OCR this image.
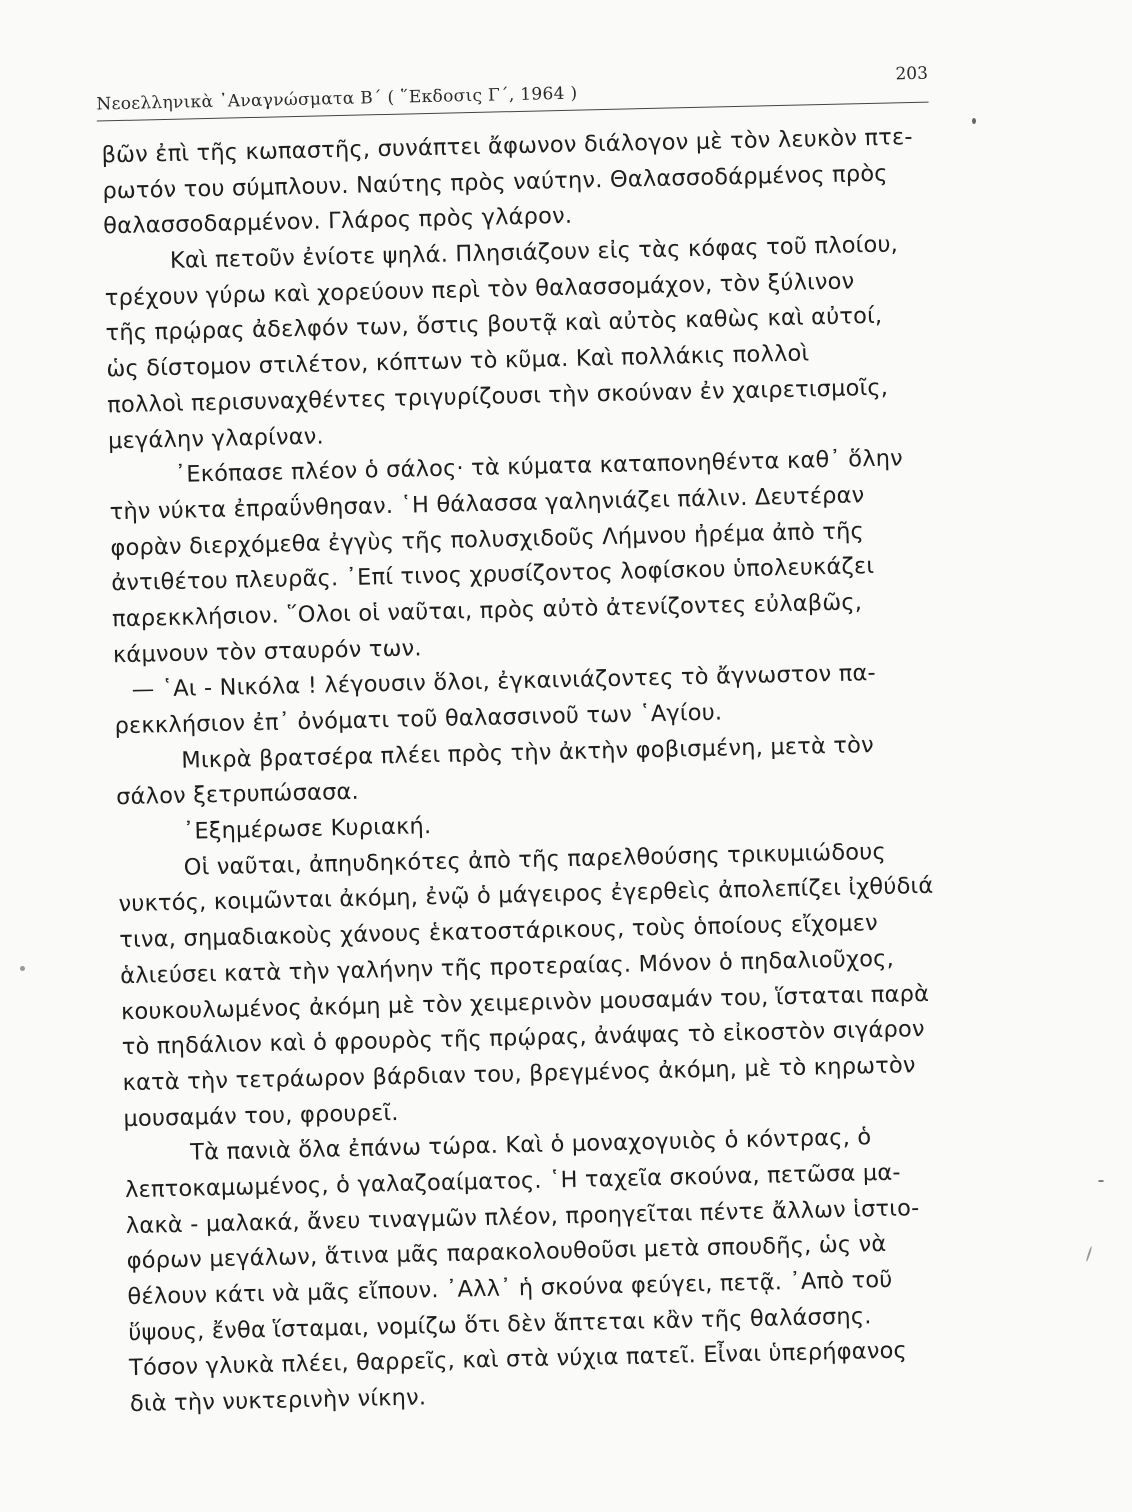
Νεοελληνικὰ ᾿Αναγνώσματα Β΄ ( ῞Εκδοσις Γ΄, 1964 )
203
βῶν ἐπὶ τῆς κωπαστῆς, συνάπτει ἄφωνον διάλογον μὲ τὸν λευκὸν πτε-
ρωτόν του σύμπλουν. Ναύτης πρὸς ναύτην. Θαλασσοδάρμένος πρὸς
θαλασσοδαρμένον. Γλάρος πρὸς γλάρον.
Καὶ πετοῦν ἐνίοτε ψηλά. Πλησιάζουν εἰς τὰς κόφας τοῦ πλοίου,
τρέχουν γύρω καὶ χορεύουν περὶ τὸν θαλασσομάχον, τὸν ξύλινον
τῆς πρῴρας ἀδελφόν των, ὅστις βουτᾷ καὶ αὐτὸς καθὼς καὶ αὐτοί,
ὡς δίστομον στιλέτον, κόπτων τὸ κῦμα. Καὶ πολλάκις πολλοὶ
πολλοὶ περισυναχθέντες τριγυρίζουσι τὴν σκούναν ἐν χαιρετισμοῖς,
μεγάλην γλαρίναν.
᾿Εκόπασε πλέον ὁ σάλος· τὰ κύματα καταπονηθέντα καθ᾿ ὅλην
τὴν νύκτα ἐπραΰνθησαν. ῾Η θάλασσα γαληνιάζει πάλιν. Δευτέραν
φορὰν διερχόμεθα ἐγγὺς τῆς πολυσχιδοῦς Λήμνου ἠρέμα ἀπὸ τῆς
ἀντιθέτου πλευρᾶς. ᾿Επί τινος χρυσίζοντος λοφίσκου ὑπολευκάζει
παρεκκλήσιον. ῞Ολοι οἱ ναῦται, πρὸς αὐτὸ ἀτενίζοντες εὐλαβῶς,
κάμνουν τὸν σταυρόν των.
— ῾Αι - Νικόλα ! λέγουσιν ὅλοι, ἐγκαινιάζοντες τὸ ἄγνωστον πα-
ρεκκλήσιον ἐπ᾿ ὀνόματι τοῦ θαλασσινοῦ των ῾Αγίου.
Μικρὰ βρατσέρα πλέει πρὸς τὴν ἀκτὴν φοβισμένη, μετὰ τὸν
σάλον ξετρυπώσασα.
᾿Εξημέρωσε Κυριακή.
Οἱ ναῦται, ἀπηυδηκότες ἀπὸ τῆς παρελθούσης τρικυμιώδους
νυκτός, κοιμῶνται ἀκόμη, ἐνῷ ὁ μάγειρος ἐγερθεὶς ἀπολεπίζει ἰχθύδιά
τινα, σημαδιακοὺς χάνους ἑκατοστάρικους, τοὺς ὁποίους εἴχομεν
ἁλιεύσει κατὰ τὴν γαλήνην τῆς προτεραίας. Μόνον ὁ πηδαλιοῦχος,
κουκουλωμένος ἀκόμη μὲ τὸν χειμερινὸν μουσαμάν του, ἵσταται παρὰ
τὸ πηδάλιον καὶ ὁ φρουρὸς τῆς πρῴρας, ἀνάψας τὸ εἰκοστὸν σιγάρον
κατὰ τὴν τετράωρον βάρδιαν του, βρεγμένος ἀκόμη, μὲ τὸ κηρωτὸν
μουσαμάν του, φρουρεῖ.
Τὰ πανιὰ ὅλα ἐπάνω τώρα. Καὶ ὁ μοναχογυιὸς ὁ κόντρας, ὁ
λεπτοκαμωμένος, ὁ γαλαζοαίματος. ῾Η ταχεῖα σκούνα, πετῶσα μα-
λακὰ - μαλακά, ἄνευ τιναγμῶν πλέον, προηγεῖται πέντε ἄλλων ἱστιο-
φόρων μεγάλων, ἅτινα μᾶς παρακολουθοῦσι μετὰ σπουδῆς, ὡς νὰ
θέλουν κάτι νὰ μᾶς εἴπουν. ᾿Αλλ᾿ ἡ σκούνα φεύγει, πετᾷ. ᾿Απὸ τοῦ
ὕψους, ἔνθα ἵσταμαι, νομίζω ὅτι δὲν ἅπτεται κἂν τῆς θαλάσσης.
Τόσον γλυκὰ πλέει, θαρρεῖς, καὶ στὰ νύχια πατεῖ. Εἶναι ὑπερήφανος
διὰ τὴν νυκτερινὴν νίκην.
